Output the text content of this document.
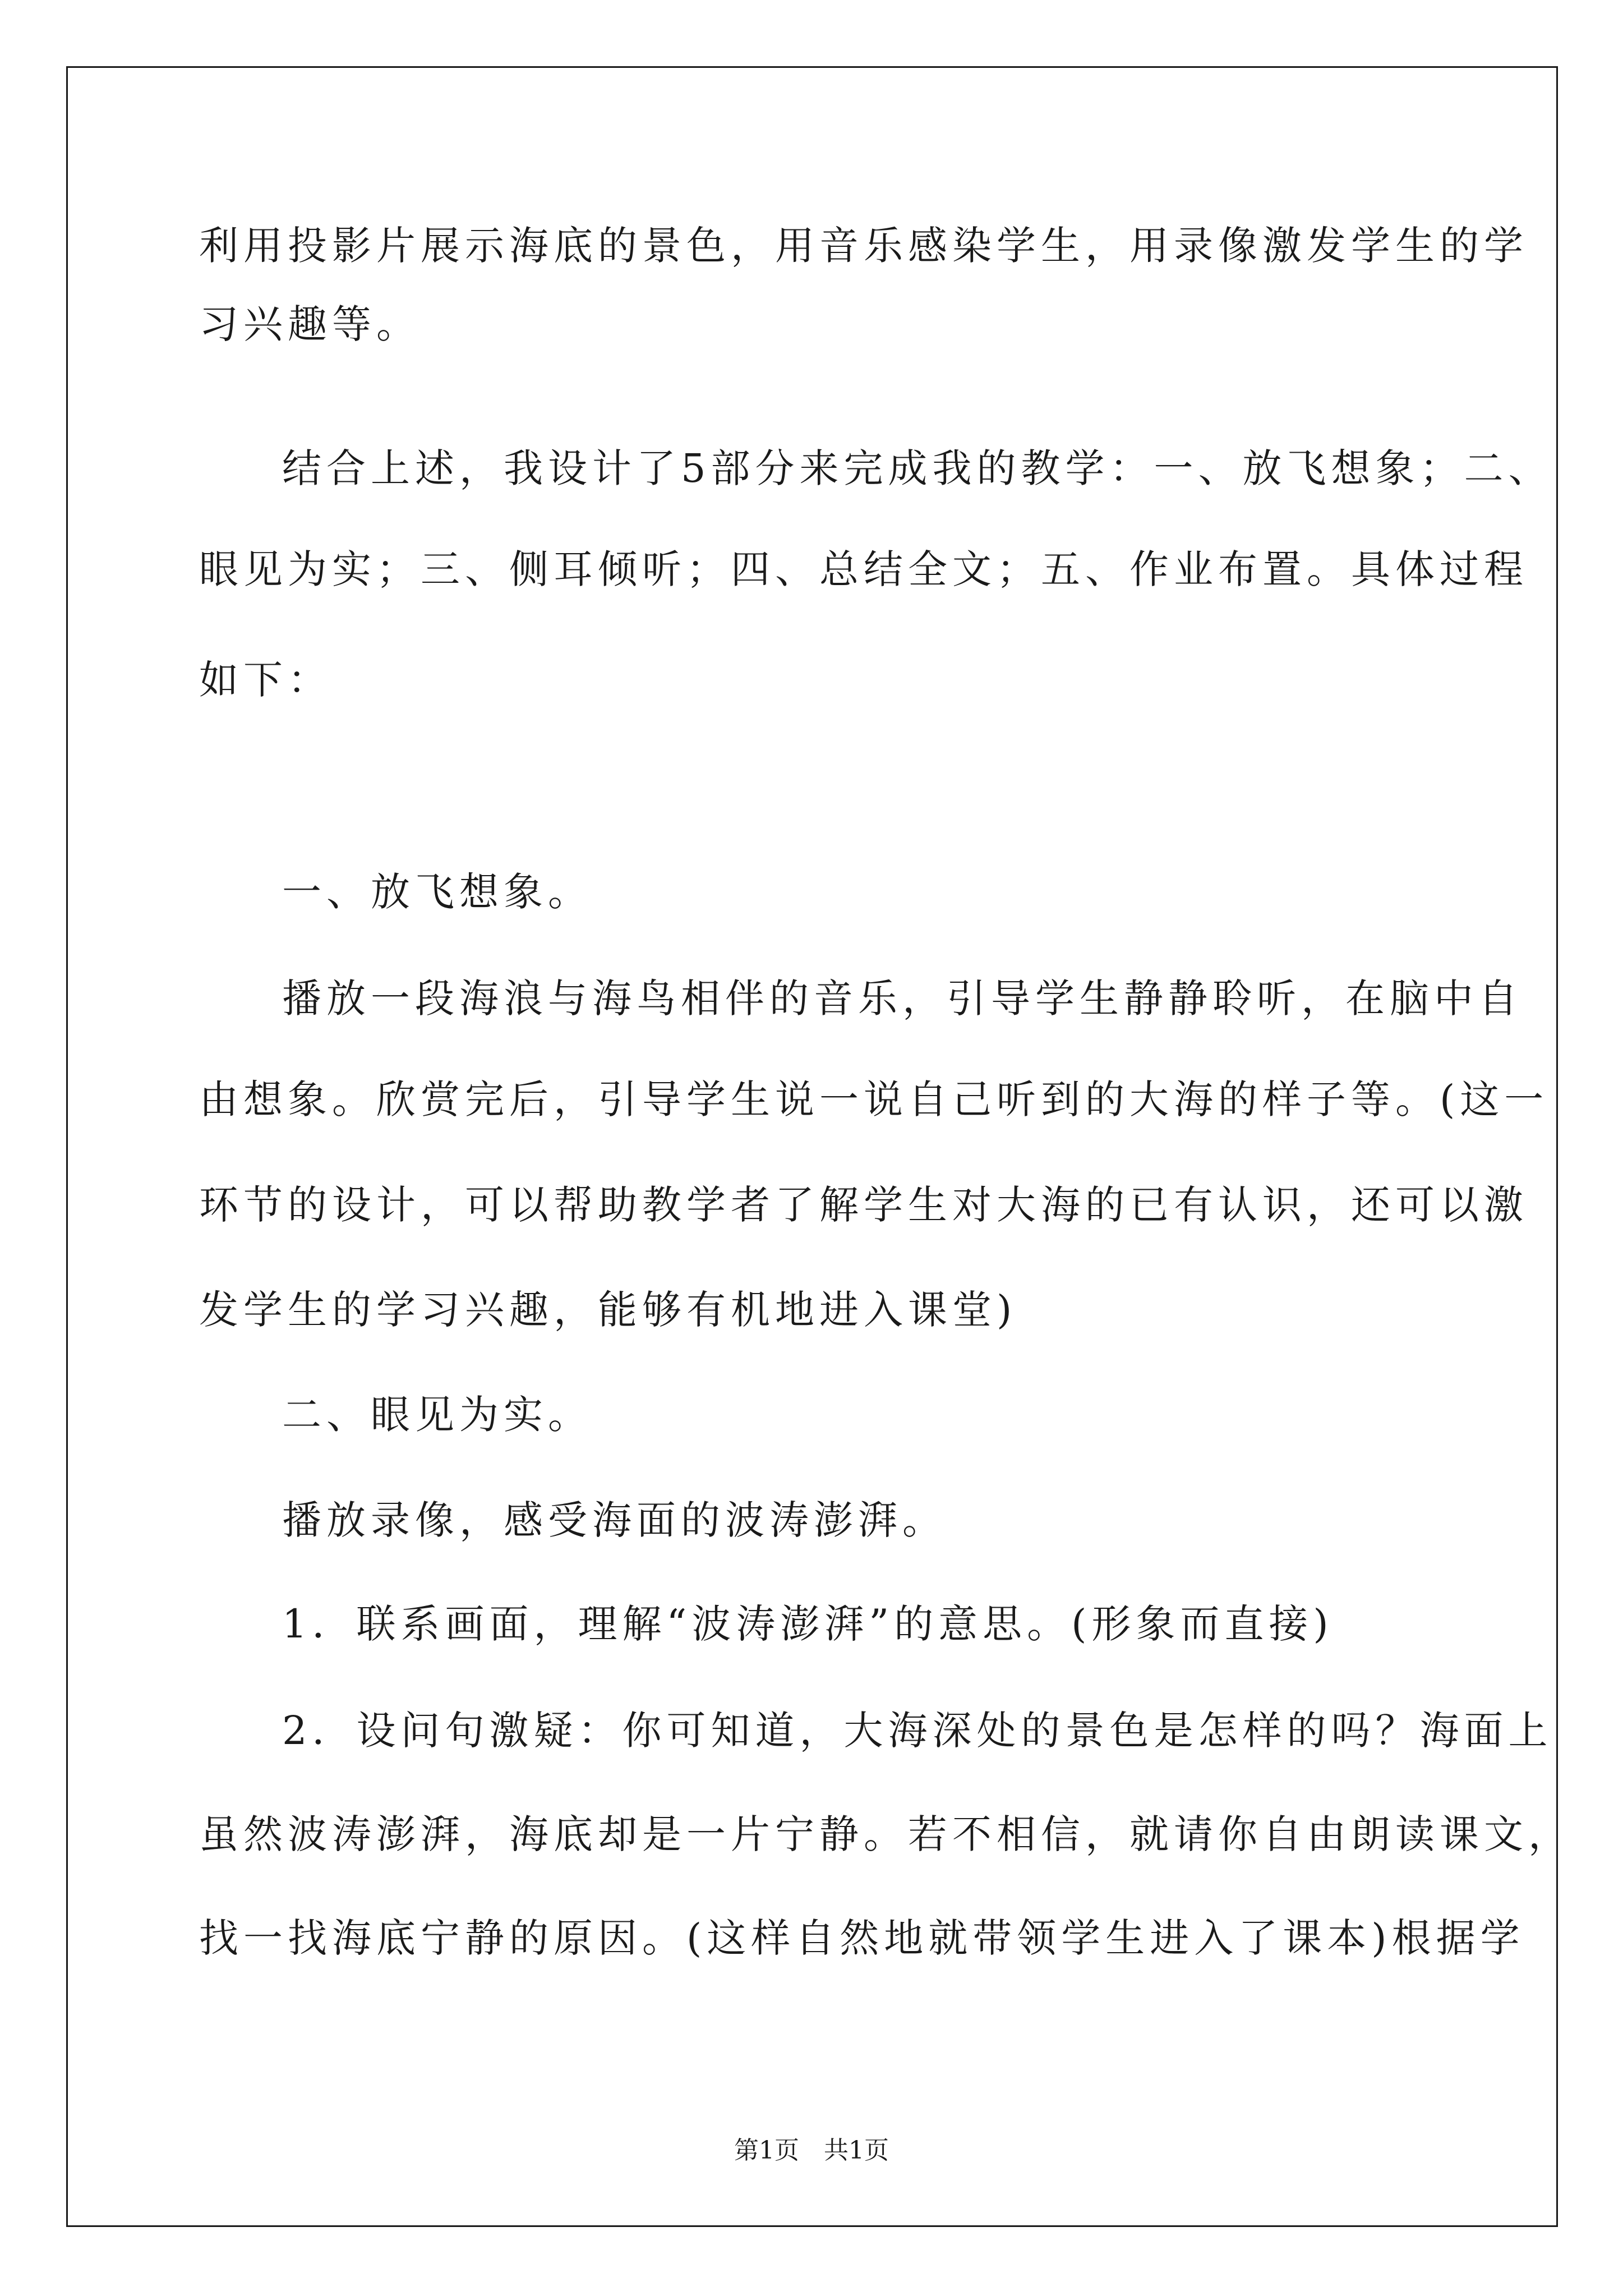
利用投影片展示海底的景色，用音乐感染学生，用录像激发学生的学
习兴趣等。
结合上述，我设计了5部分来完成我的教学：一、放飞想象；二、
眼见为实；三、侧耳倾听；四、总结全文；五、作业布置。具体过程
如下：
一、放飞想象。
播放一段海浪与海鸟相伴的音乐，引导学生静静聆听，在脑中自
由想象。欣赏完后，引导学生说一说自己听到的大海的样子等。(这一
环节的设计，可以帮助教学者了解学生对大海的已有认识，还可以激
发学生的学习兴趣，能够有机地进入课堂)
二、眼见为实。
播放录像，感受海面的波涛澎湃。
1．联系画面，理解“波涛澎湃”的意思。(形象而直接)
2．设问句激疑：你可知道，大海深处的景色是怎样的吗？海面上
虽然波涛澎湃，海底却是一片宁静。若不相信，就请你自由朗读课文，
找一找海底宁静的原因。(这样自然地就带领学生进入了课本)根据学
第1页　共1页
